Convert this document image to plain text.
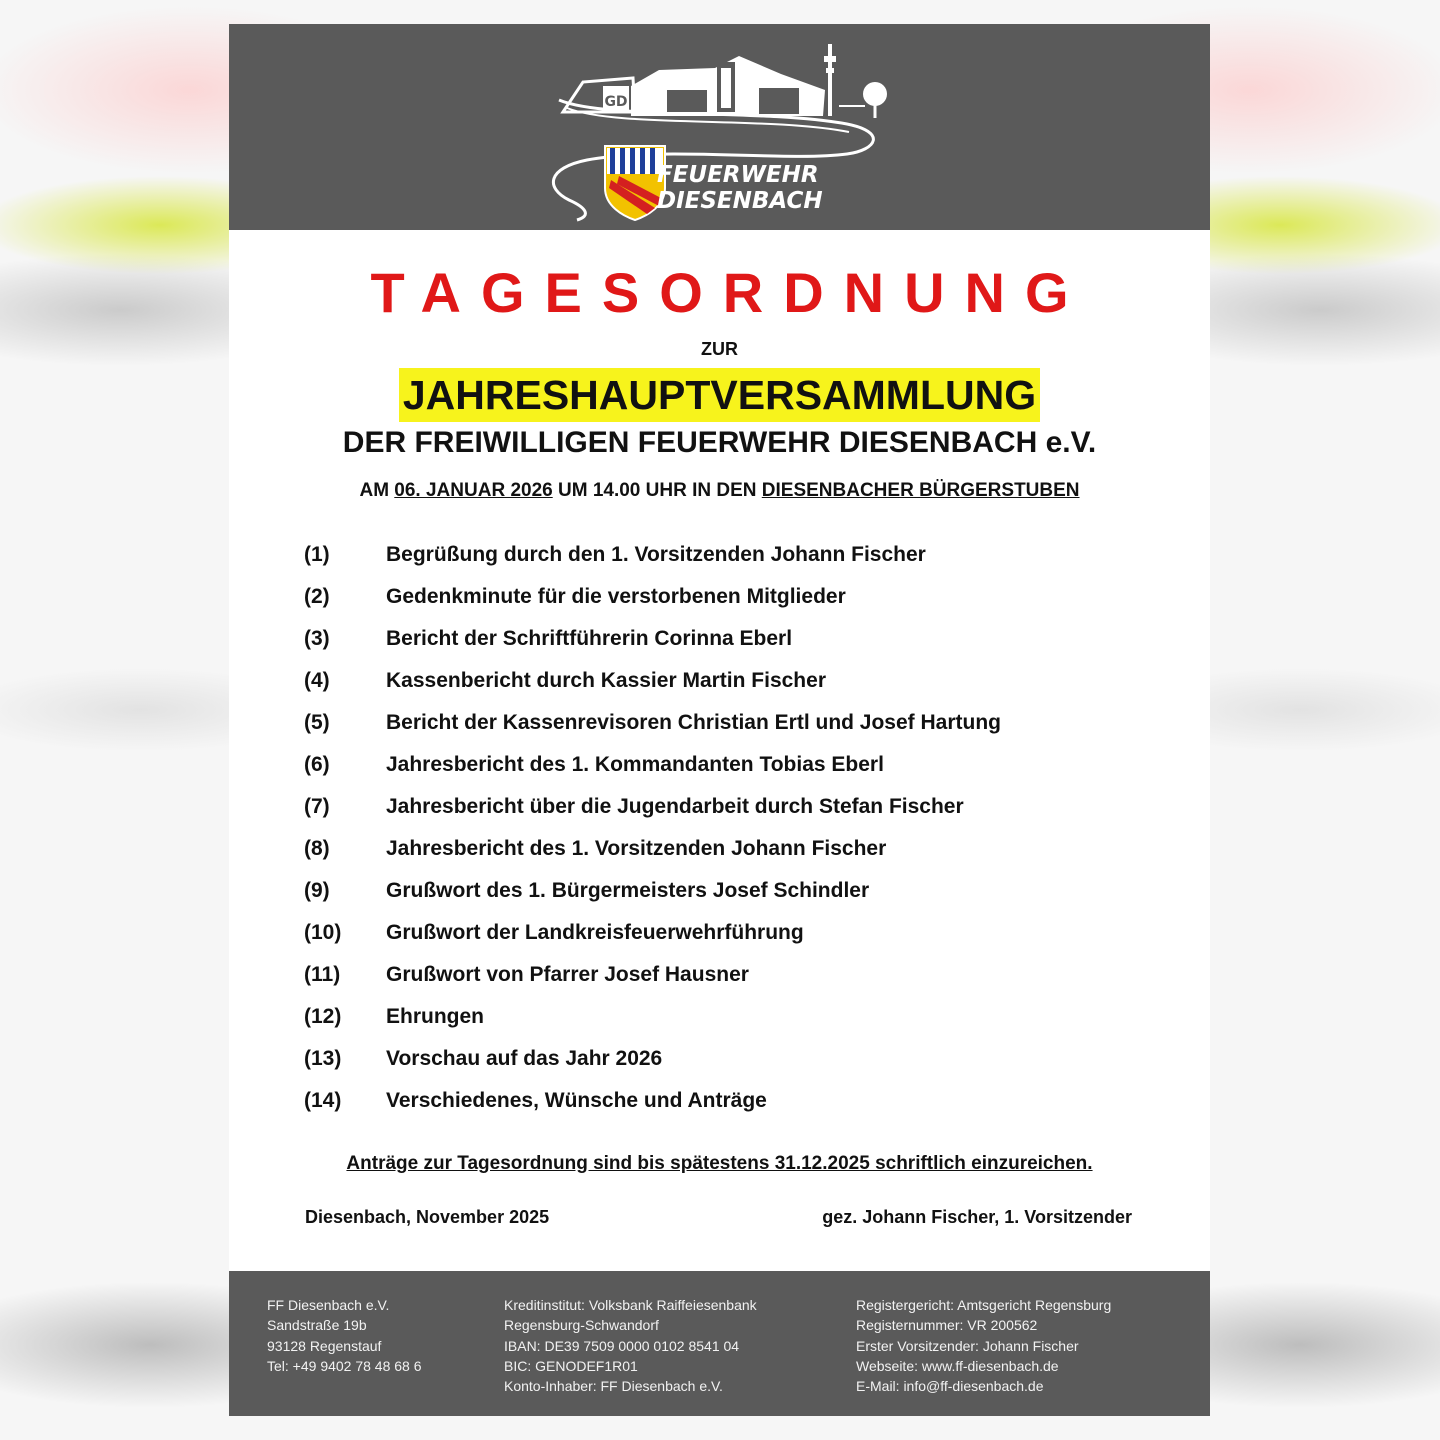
GD
FEUERWEHR
DIESENBACH
TAGESORDNUNG
ZUR
JAHRESHAUPTVERSAMMLUNG
DER FREIWILLIGEN FEUERWEHR DIESENBACH e.V.
AM 06. JANUAR 2026 UM 14.00 UHR IN DEN DIESENBACHER BÜRGERSTUBEN
(1)	Begrüßung durch den 1. Vorsitzenden Johann Fischer
(2)	Gedenkminute für die verstorbenen Mitglieder
(3)	Bericht der Schriftführerin Corinna Eberl
(4)	Kassenbericht durch Kassier Martin Fischer
(5)	Bericht der Kassenrevisoren Christian Ertl und Josef Hartung
(6)	Jahresbericht des 1. Kommandanten Tobias Eberl
(7)	Jahresbericht über die Jugendarbeit durch Stefan Fischer
(8)	Jahresbericht des 1. Vorsitzenden Johann Fischer
(9)	Grußwort des 1. Bürgermeisters Josef Schindler
(10) Grußwort der Landkreisfeuerwehrführung
(11) Grußwort von Pfarrer Josef Hausner
(12) Ehrungen
(13) Vorschau auf das Jahr 2026
(14) Verschiedenes, Wünsche und Anträge
Anträge zur Tagesordnung sind bis spätestens 31.12.2025 schriftlich einzureichen.
Diesenbach, November 2025	gez. Johann Fischer, 1. Vorsitzender
FF Diesenbach e.V.
Sandstraße 19b
93128 Regenstauf
Tel: +49 9402 78 48 68 6
Kreditinstitut: Volksbank Raiffeiesenbank
Regensburg-Schwandorf
IBAN: DE39 7509 0000 0102 8541 04
BIC: GENODEF1R01
Konto-Inhaber: FF Diesenbach e.V.
Registergericht: Amtsgericht Regensburg
Registernummer: VR 200562
Erster Vorsitzender: Johann Fischer
Webseite: www.ff-diesenbach.de
E-Mail: info@ff-diesenbach.de
